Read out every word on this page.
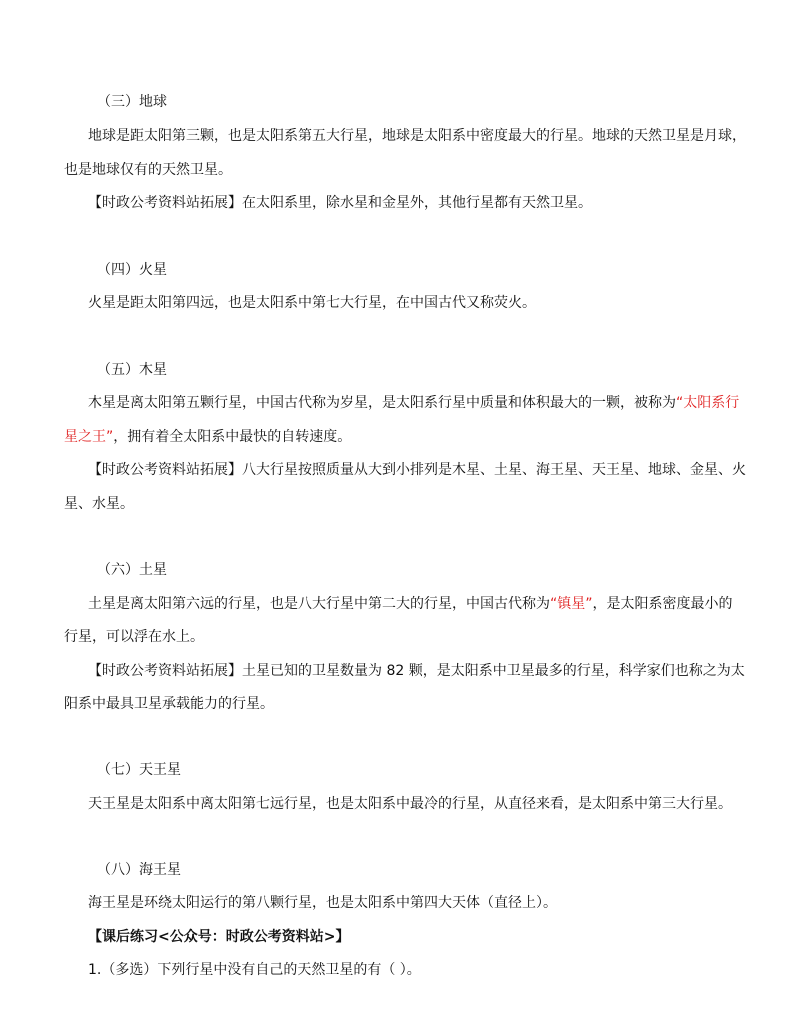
（三）地球

地球是距太阳第三颗，也是太阳系第五大行星，地球是太阳系中密度最大的行星。地球的天然卫星是月球，

也是地球仅有的天然卫星。

【时政公考资料站拓展】在太阳系里，除水星和金星外，其他行星都有天然卫星。

（四）火星

火星是距太阳第四远，也是太阳系中第七大行星，在中国古代又称荧火。

（五）木星

木星是离太阳第五颗行星，中国古代称为岁星，是太阳系行星中质量和体积最大的一颗，被称为“太阳系行

星之王”，拥有着全太阳系中最快的自转速度。

【时政公考资料站拓展】八大行星按照质量从大到小排列是木星、土星、海王星、天王星、地球、金星、火

星、水星。

（六）土星

土星是离太阳第六远的行星，也是八大行星中第二大的行星，中国古代称为“镇星”，是太阳系密度最小的

行星，可以浮在水上。

【时政公考资料站拓展】土星已知的卫星数量为 82 颗，是太阳系中卫星最多的行星，科学家们也称之为太

阳系中最具卫星承载能力的行星。

（七）天王星

天王星是太阳系中离太阳第七远行星，也是太阳系中最冷的行星，从直径来看，是太阳系中第三大行星。

（八）海王星

海王星是环绕太阳运行的第八颗行星，也是太阳系中第四大天体（直径上）。

【课后练习<公众号：时政公考资料站>】

1.（多选）下列行星中没有自己的天然卫星的有（ ）。
